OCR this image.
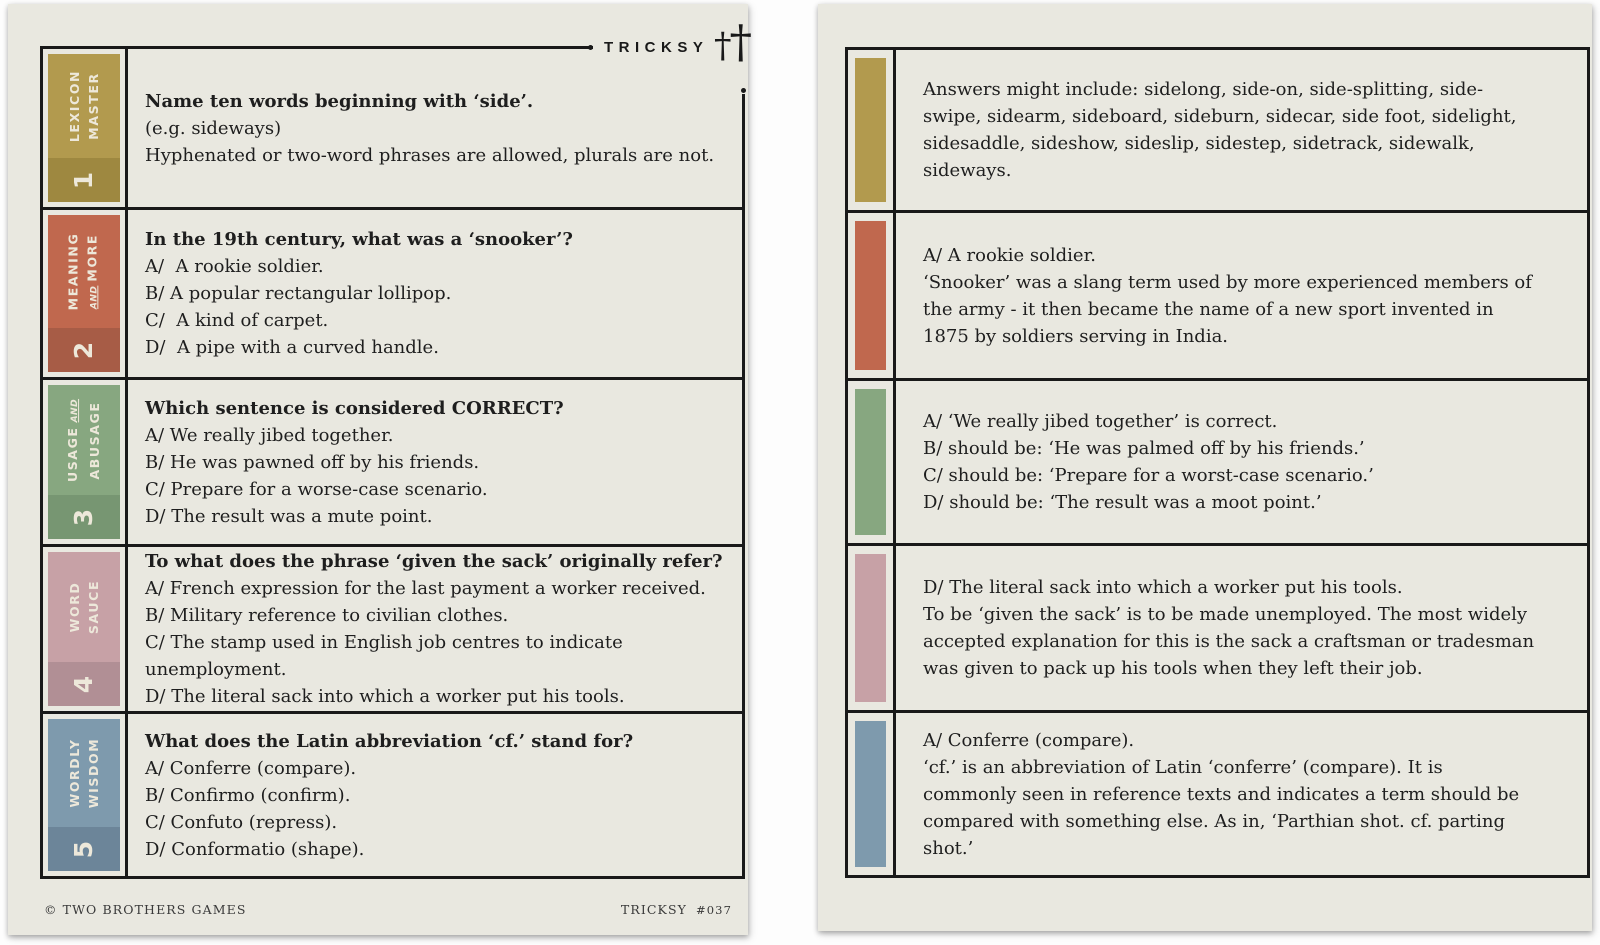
LEXICON MASTER
1
Name ten words beginning with ‘side’.
(e.g. sideways)
Hyphenated or two-word phrases are allowed, plurals are not.
MEANING	ANDMORE
2
In the 19th century, what was a ‘snooker’?
A/  A rookie soldier.
B/ A popular rectangular lollipop.
C/  A kind of carpet.
D/  A pipe with a curved handle.
USAGEAND ABUSAGE
3
Which sentence is considered CORRECT?
A/ We really jibed together.
B/ He was pawned off by his friends.
C/ Prepare for a worse-case scenario.
D/ The result was a mute point.
WORD SAUCE
4
To what does the phrase ‘given the sack’ originally refer?
A/ French expression for the last payment a worker received.
B/ Military reference to civilian clothes.
C/ The stamp used in English job centres to indicate unemployment.
D/ The literal sack into which a worker put his tools.
WORDLY WISDOM
5
What does the Latin abbreviation ‘cf.’ stand for?
A/ Conferre (compare).
B/ Confirmo (confirm).
C/ Confuto (repress).
D/ Conformatio (shape).
TRICKSY †
†
© TWO BROTHERS GAMES	TRICKSY #037
Answers might include: sidelong, side-on, side-splitting, side-swipe, sidearm, sideboard, sideburn, sidecar, side foot, sidelight, sidesaddle, sideshow, sideslip, sidestep, sidetrack, sidewalk, sideways.
A/ A rookie soldier.
‘Snooker’ was a slang term used by more experienced members of the army - it then became the name of a new sport invented in 1875 by soldiers serving in India.
A/ ‘We really jibed together’ is correct.
B/ should be: ‘He was palmed off by his friends.’
C/ should be: ‘Prepare for a worst-case scenario.’
D/ should be: ‘The result was a moot point.’
D/ The literal sack into which a worker put his tools.
To be ‘given the sack’ is to be made unemployed. The most widely accepted explanation for this is the sack a craftsman or tradesman was given to pack up his tools when they left their job.
A/ Conferre (compare).
‘cf.’ is an abbreviation of Latin ‘conferre’ (compare). It is commonly seen in reference texts and indicates a term should be compared with something else. As in, ‘Parthian shot. cf. parting shot.’
